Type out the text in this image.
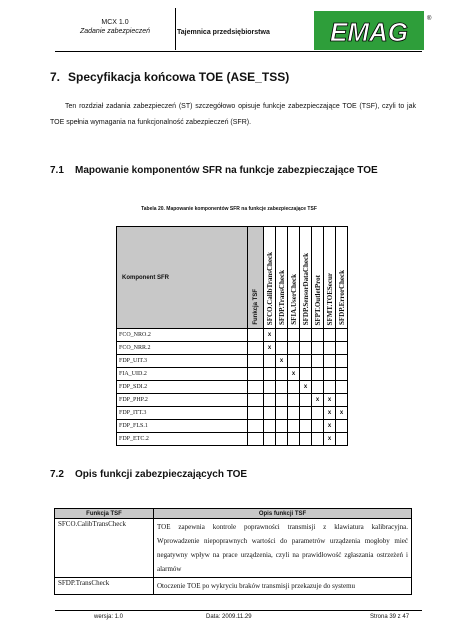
MCX 1.0
Zadanie zabezpieczeń	Tajemnica przedsiębiorstwa	EMAG	®
7. Specyfikacja końcowa TOE (ASE_TSS)
Ten rozdział zadania zabezpieczeń (ST) szczegółowo opisuje funkcje zabezpieczające TOE (TSF), czyli to jak TOE spełnia wymagania na funkcjonalność zabezpieczeń (SFR).
7.1 Mapowanie komponentów SFR na funkcje zabezpieczające TOE
Tabela 20. Mapowanie komponentów SFR na funkcje zabezpieczające TSF
Komponent SFR	Funkcja TSF	SFCO.CalibTransCheck	SFDP.TransCheck	SFIA.UserCheck	SFDP.SensorDataCheck	SFPT.OutletProt	SFMT.TOESecur	SFDP.ErrorCheck

FCO_NRO.2		x						
FCO_NRR.2		x						
FDP_UIT.3			x					
FIA_UID.2				x				
FDP_SDI.2					x			
FDP_PHP.2						x	x	
FDP_ITT.3							x	x
FDP_FLS.1							x	
FDP_ETC.2							x	
7.2 Opis funkcji zabezpieczających TOE
Funkcja TSF	Opis funkcji TSF
SFCO.CalibTransCheck	TOE zapewnia kontrole poprawności transmisji z klawiatura kalibracyjna. Wprowadzenie niepoprawnych wartości do parametrów urządzenia mogłoby mieć negatywny wpływ na prace urządzenia, czyli na prawidłowość zgłaszania ostrzeżeń i alarmów
SFDP.TransCheck	Otoczenie TOE po wykryciu braków transmisji przekazuje do systemu
wersja: 1.0	Data: 2009.11.29	Strona 39 z 47
